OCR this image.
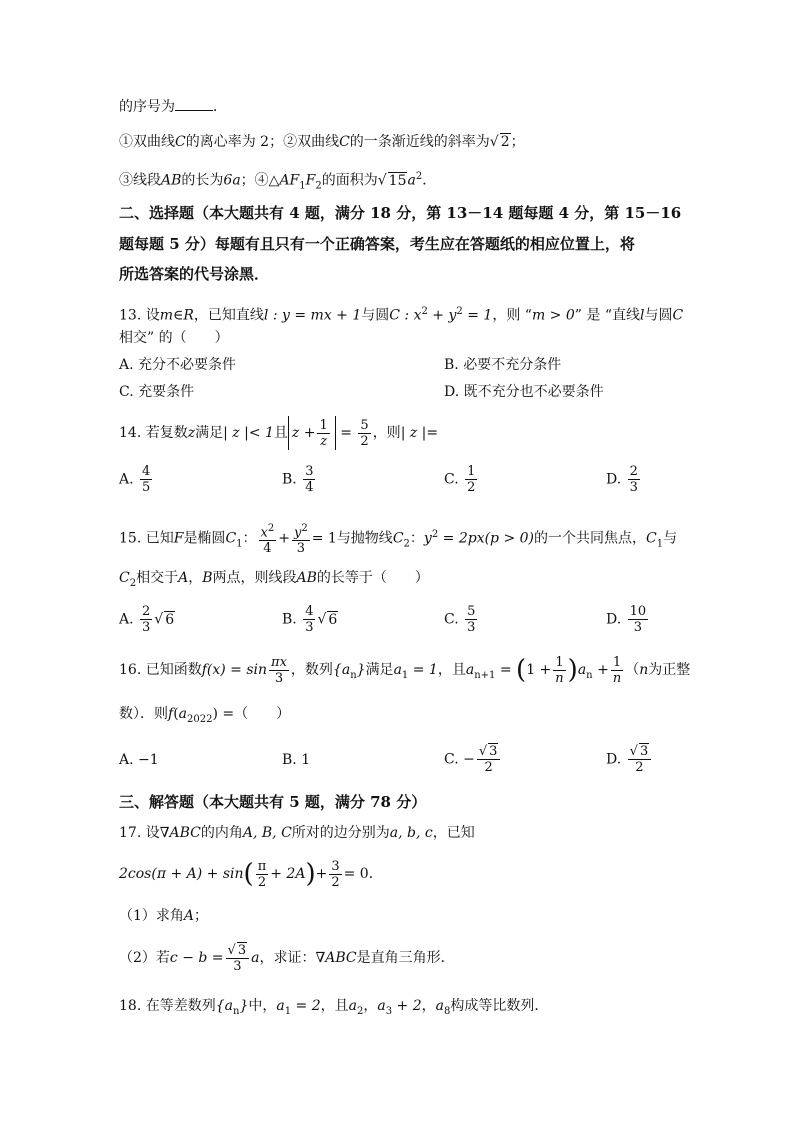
的序号为	．
①双曲线C的离心率为 2；②双曲线C的一条渐近线的斜率为√ 2；
③线段AB的长为6a；$④\triangle AF_1F_2$的面积为√ $15a^2$．
二、选择题（本大题共有 4 题，满分 18 分，第 13－14 题每题 4 分，第 15－16
题每题 5 分）每题有且只有一个正确答案，考生应在答题纸的相应位置上，将
所选答案的代号涂黑．
13. 设m∈R，已知直线l : y = mx + 1与圆C : $x^2 + y^2 = 1$，则 “m > 0” 是 “直线l与圆C
相交” 的（　　）
A. 充分不必要条件	B. 必要不充分条件
C. 充要条件	D. 既不充分也不必要条件
14. 若复数z满足| z |< 1且 $z + \frac{1}{z} = \frac{5}{2}$ ，则| z |=
A. $\frac{4}{5}$	B. $\frac{3}{4}$	C. $\frac{1}{2}$	D. $\frac{2}{3}$
15. 已知F是椭圆$C_1$： $\frac{x^2}{4} + \frac{y^2}{3} = 1$与抛物线$C_2$：$y^2 = 2px(p > 0)$的一个共同焦点，$C_1$与
$C_2$相交于A，B两点，则线段AB的长等于（　　）
A. $\frac{2}{3}$ √ 6	B. $\frac{4}{3}$ √ 6	C. $\frac{5}{3}$	D. $\frac{10}{3}$
16. 已知函数$f(x) = \sin \frac{\pi x}{3}$ ，数列$\{a_n\}$满足$a_1 = 1$，且$a_{n+1} = (1 + \frac{1}{n} )a_n + \frac{1}{n} (n$为正整
数）．则$f(a_{2022})$ =（　　）
A. −1	B. 1	C. − $\frac{√ 3}{2}$	D. $\frac{√ 3}{2}$
三、解答题（本大题共有 5 题，满分 78 分）
17. 设∇ABC的内角A, B, C所对的边分别为a, b, c，已知
$2\cos(\pi + A) + \sin( \frac{\pi}{2} + 2A)+ \frac{3}{2} = 0$．
（1）求角A；
（2）若$c - b = \frac{√ 3}{3}$ a，求证：∇ABC是直角三角形．
18. 在等差数列$\{a_n\}$中，$a_1 = 2$，且$a_2$，$a_3 + 2$，$a_8$构成等比数列．
